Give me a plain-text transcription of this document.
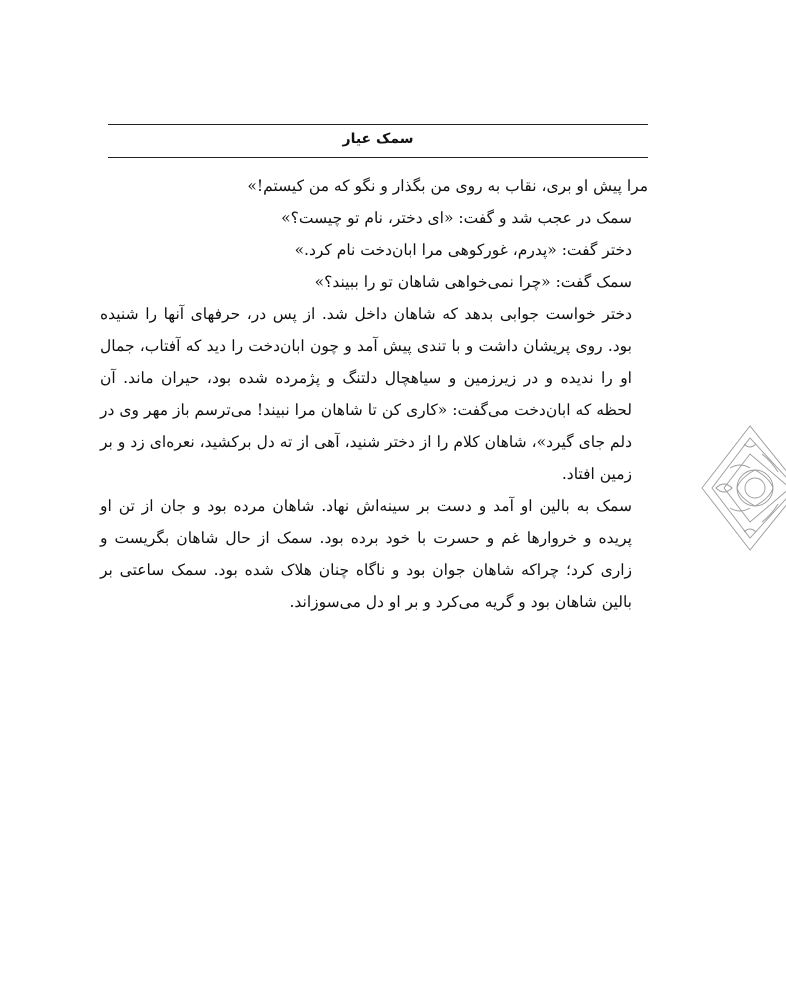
سمک عیار

مرا پیش او بری، نقاب به روی من بگذار و نگو که من کیستم!»

سمک در عجب شد و گفت: «ای دختر، نام تو چیست؟»

دختر گفت: «پدرم، غورکوهی مرا ابان‌دخت نام کرد.»

سمک گفت: «چرا نمی‌خواهی شاهان تو را ببیند؟»

دختر خواست جوابی بدهد که شاهان داخل شد. از پس در، حرفهای آنها را شنیده بود. روی پریشان داشت و با تندی پیش آمد و چون ابان‌دخت را دید که آفتاب، جمال او را ندیده و در زیرزمین و سیاهچال دلتنگ و پژمرده شده بود، حیران ماند. آن لحظه که ابان‌دخت می‌گفت: «کاری کن تا شاهان مرا نبیند! می‌ترسم باز مهر وی در دلم جای گیرد»، شاهان کلام را از دختر شنید، آهی از ته دل برکشید، نعره‌ای زد و بر زمین افتاد.

سمک به بالین او آمد و دست بر سینه‌اش نهاد. شاهان مرده بود و جان از تن او پریده و خروارها غم و حسرت با خود برده بود. سمک از حال شاهان بگریست و زاری کرد؛ چراکه شاهان جوان بود و ناگاه چنان هلاک شده بود. سمک ساعتی بر بالین شاهان بود و گریه می‌کرد و بر او دل می‌سوزاند.
